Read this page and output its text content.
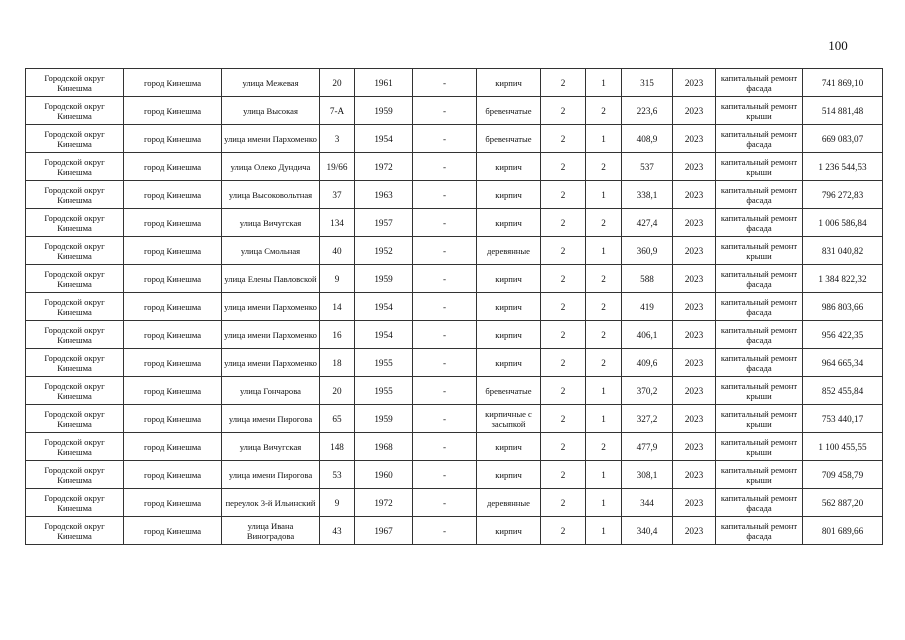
100
Городской округ Кинешма	город Кинешма	улица Межевая	20	1961	-	кирпич	2	1	315	2023	капитальный ремонт фасада	741 869,10
Городской округ Кинешма	город Кинешма	улица Высокая	7-А	1959	-	бревенчатые	2	2	223,6	2023	капитальный ремонт крыши	514 881,48
Городской округ Кинешма	город Кинешма	улица имени Пархоменко	3	1954	-	бревенчатые	2	1	408,9	2023	капитальный ремонт фасада	669 083,07
Городской округ Кинешма	город Кинешма	улица Олеко Дундича	19/66	1972	-	кирпич	2	2	537	2023	капитальный ремонт крыши	1 236 544,53
Городской округ Кинешма	город Кинешма	улица Высоковольтная	37	1963	-	кирпич	2	1	338,1	2023	капитальный ремонт фасада	796 272,83
Городской округ Кинешма	город Кинешма	улица Вичугская	134	1957	-	кирпич	2	2	427,4	2023	капитальный ремонт фасада	1 006 586,84
Городской округ Кинешма	город Кинешма	улица Смольная	40	1952	-	деревянные	2	1	360,9	2023	капитальный ремонт крыши	831 040,82
Городской округ Кинешма	город Кинешма	улица Елены Павловской	9	1959	-	кирпич	2	2	588	2023	капитальный ремонт фасада	1 384 822,32
Городской округ Кинешма	город Кинешма	улица имени Пархоменко	14	1954	-	кирпич	2	2	419	2023	капитальный ремонт фасада	986 803,66
Городской округ Кинешма	город Кинешма	улица имени Пархоменко	16	1954	-	кирпич	2	2	406,1	2023	капитальный ремонт фасада	956 422,35
Городской округ Кинешма	город Кинешма	улица имени Пархоменко	18	1955	-	кирпич	2	2	409,6	2023	капитальный ремонт фасада	964 665,34
Городской округ Кинешма	город Кинешма	улица Гончарова	20	1955	-	бревенчатые	2	1	370,2	2023	капитальный ремонт крыши	852 455,84
Городской округ Кинешма	город Кинешма	улица имени Пирогова	65	1959	-	кирпичные с засыпкой	2	1	327,2	2023	капитальный ремонт крыши	753 440,17
Городской округ Кинешма	город Кинешма	улица Вичугская	148	1968	-	кирпич	2	2	477,9	2023	капитальный ремонт крыши	1 100 455,55
Городской округ Кинешма	город Кинешма	улица имени Пирогова	53	1960	-	кирпич	2	1	308,1	2023	капитальный ремонт крыши	709 458,79
Городской округ Кинешма	город Кинешма	переулок 3-й Ильинский	9	1972	-	деревянные	2	1	344	2023	капитальный ремонт фасада	562 887,20
Городской округ Кинешма	город Кинешма	улица Ивана Виноградова	43	1967	-	кирпич	2	1	340,4	2023	капитальный ремонт фасада	801 689,66
